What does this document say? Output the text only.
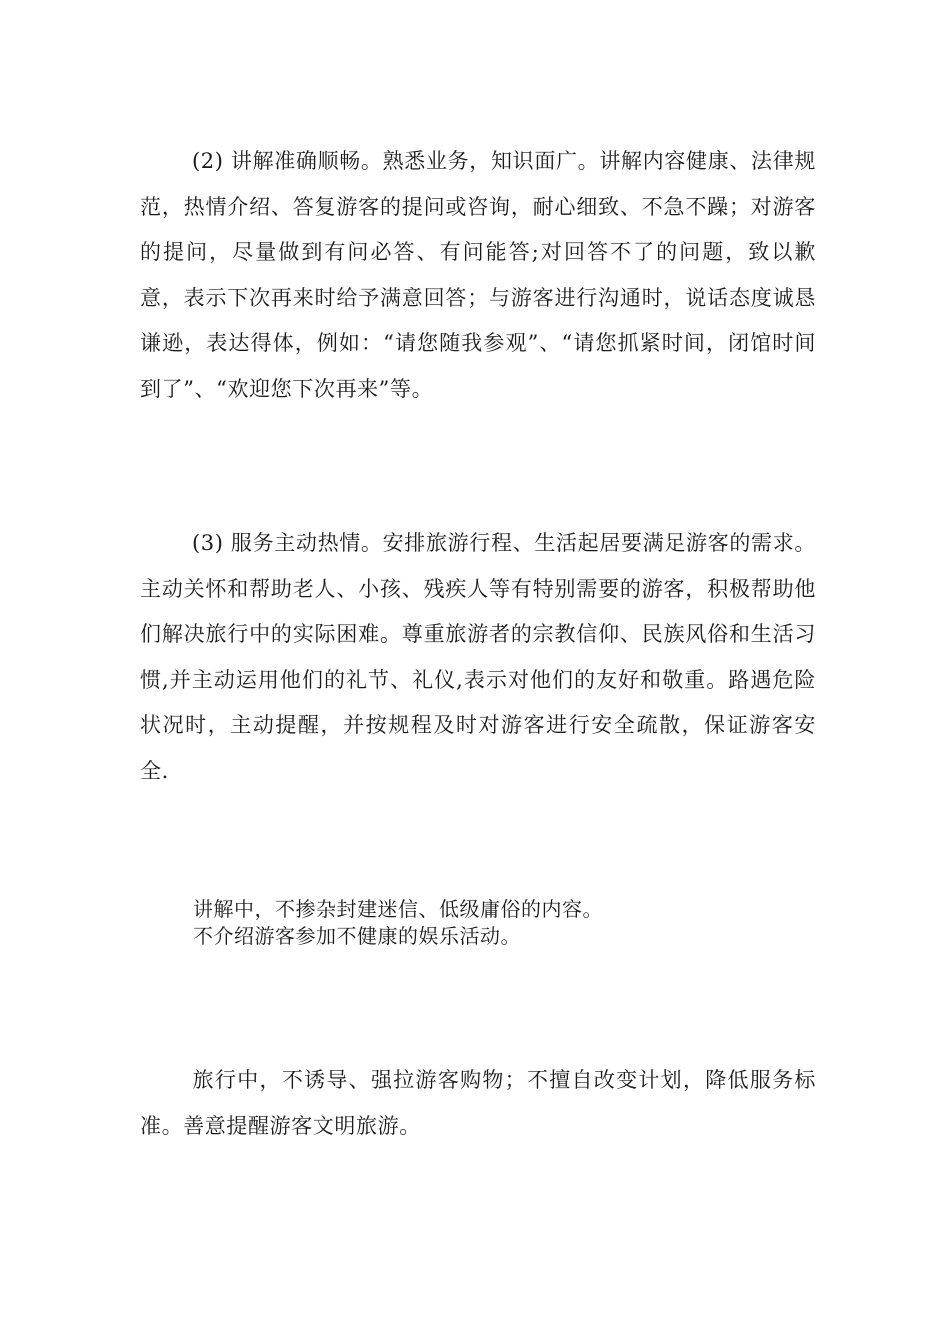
(2) 讲解准确顺畅。熟悉业务，知识面广。讲解内容健康、法律规范，热情介绍、答复游客的提问或咨询，耐心细致、不急不躁；对游客的提问，尽量做到有问必答、有问能答;对回答不了的问题，致以歉意，表示下次再来时给予满意回答；与游客进行沟通时，说话态度诚恳谦逊，表达得体，例如：“请您随我参观”、“请您抓紧时间，闭馆时间到了”、“欢迎您下次再来”等。

(3) 服务主动热情。安排旅游行程、生活起居要满足游客的需求。主动关怀和帮助老人、小孩、残疾人等有特别需要的游客，积极帮助他们解决旅行中的实际困难。尊重旅游者的宗教信仰、民族风俗和生活习惯,并主动运用他们的礼节、礼仪,表示对他们的友好和敬重。路遇危险状况时，主动提醒，并按规程及时对游客进行安全疏散，保证游客安全.

讲解中，不掺杂封建迷信、低级庸俗的内容。
不介绍游客参加不健康的娱乐活动。

旅行中，不诱导、强拉游客购物；不擅自改变计划，降低服务标准。善意提醒游客文明旅游。
